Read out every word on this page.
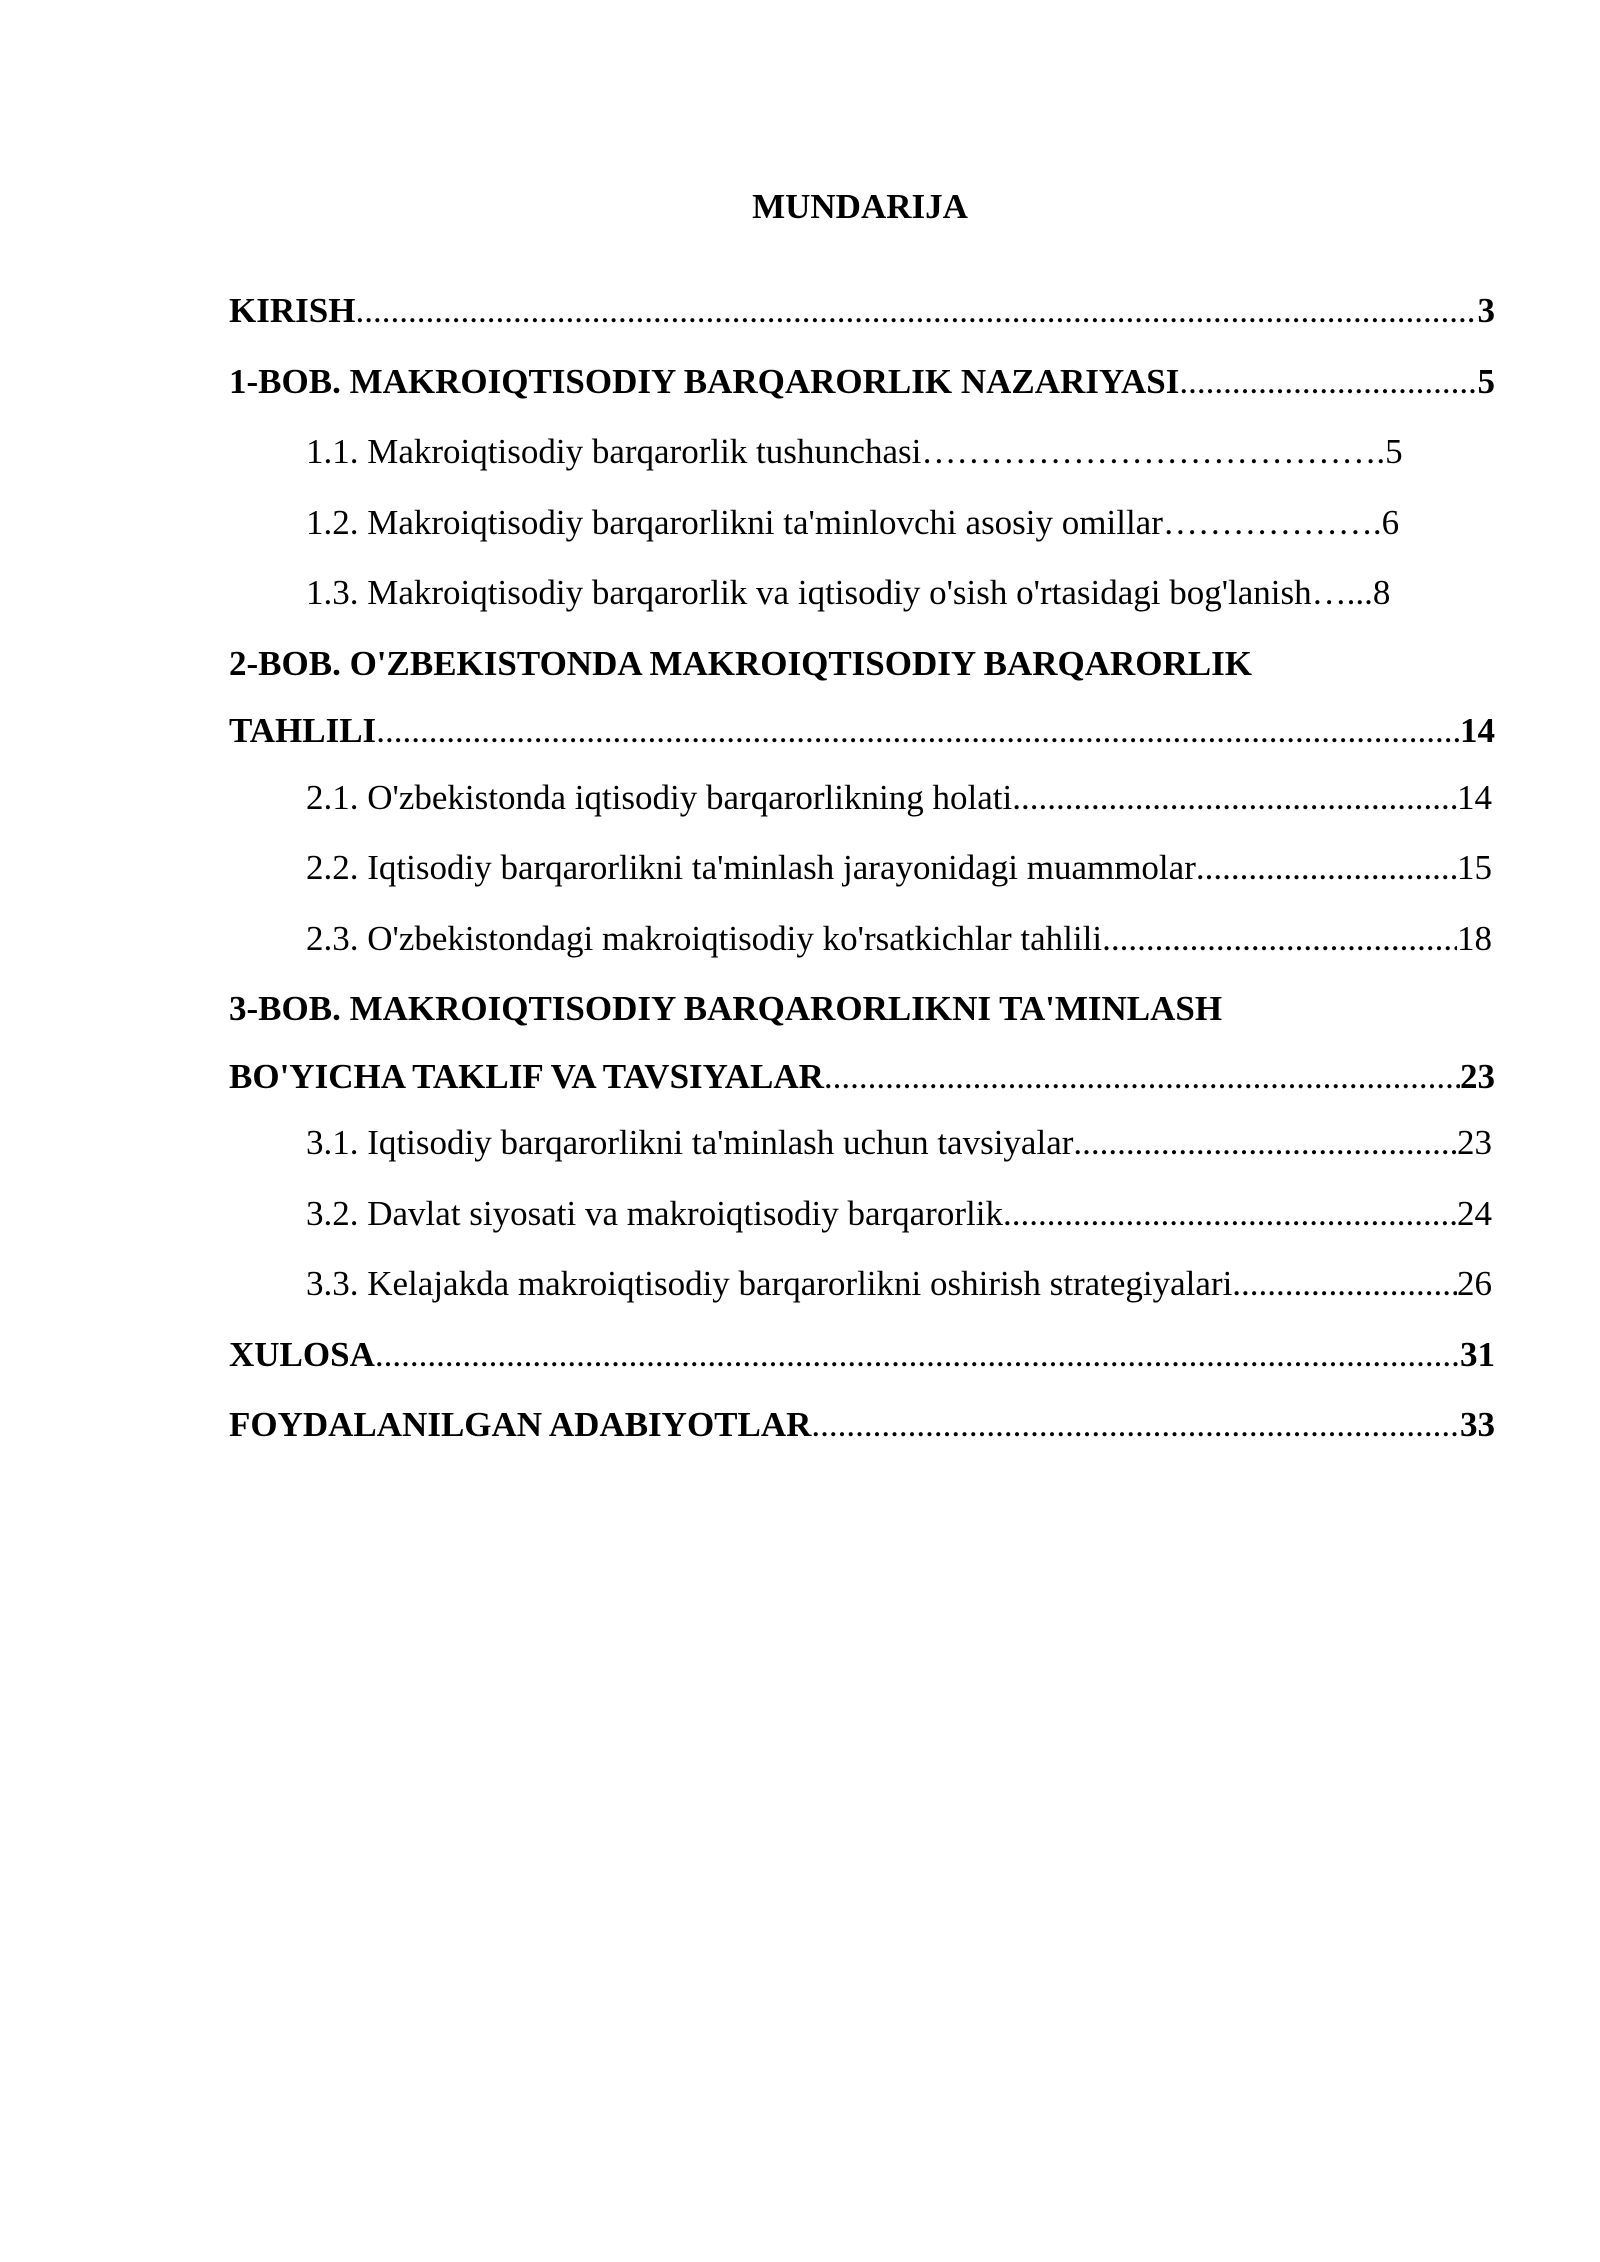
MUNDARIJA
KIRISH .....	3
1-BOB. MAKROIQTISODIY BARQARORLIK NAZARIYASI .....	5
1.1. Makroiqtisodiy barqarorlik tushunchasi ………………………………… .5
1.2. Makroiqtisodiy barqarorlikni ta'minlovchi asosiy omillar ………………. 6
1.3. Makroiqtisodiy barqarorlik va iqtisodiy o'sish o'rtasidagi bog'lanish …... 8
2-BOB. O'ZBEKISTONDA MAKROIQTISODIY BARQARORLIK
TAHLILI .....	14
2.1. O'zbekistonda iqtisodiy barqarorlikning holati .....	14
2.2. Iqtisodiy barqarorlikni ta'minlash jarayonidagi muammolar .....	15
2.3. O'zbekistondagi makroiqtisodiy ko'rsatkichlar tahlili .....	18
3-BOB. MAKROIQTISODIY BARQARORLIKNI TA'MINLASH
BO'YICHA TAKLIF VA TAVSIYALAR .....	23
3.1. Iqtisodiy barqarorlikni ta'minlash uchun tavsiyalar .....	23
3.2. Davlat siyosati va makroiqtisodiy barqarorlik .....	24
3.3. Kelajakda makroiqtisodiy barqarorlikni oshirish strategiyalari .....	26
XULOSA .....	31
FOYDALANILGAN ADABIYOTLAR .....	33
